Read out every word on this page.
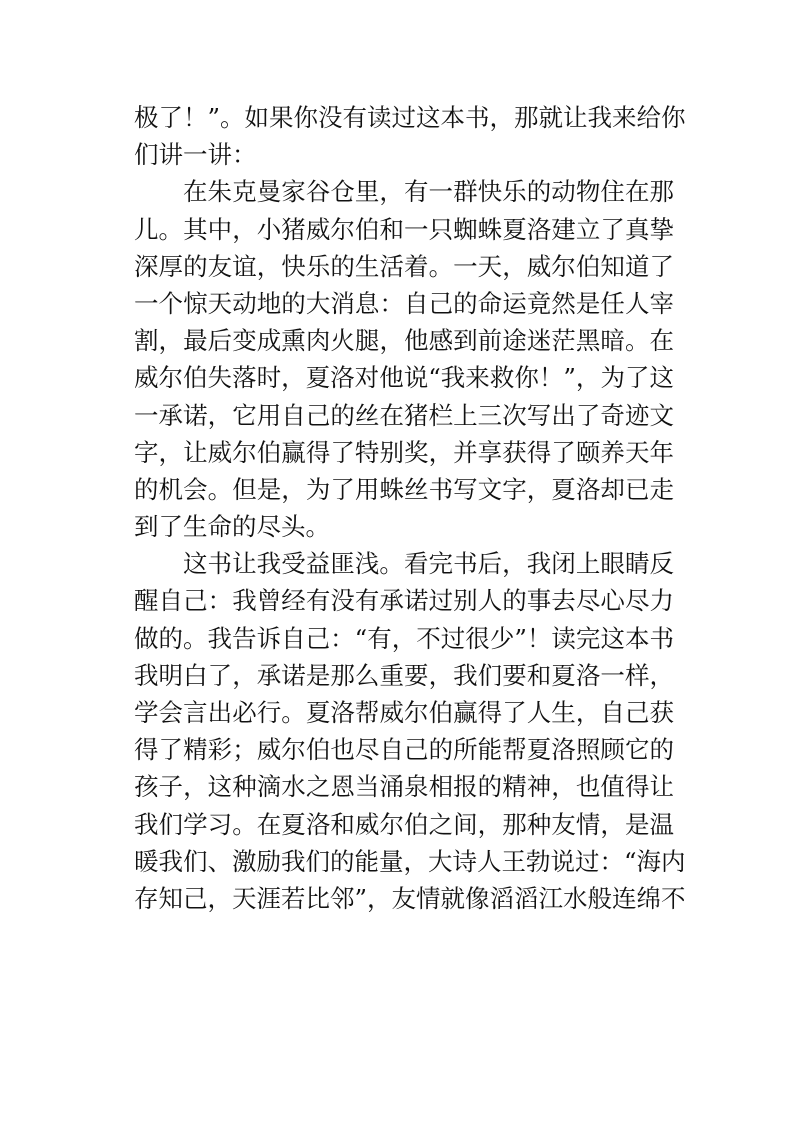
极了！”。如果你没有读过这本书，那就让我来给你
们讲一讲：
在朱克曼家谷仓里，有一群快乐的动物住在那
儿。其中，小猪威尔伯和一只蜘蛛夏洛建立了真挚
深厚的友谊，快乐的生活着。一天，威尔伯知道了
一个惊天动地的大消息：自己的命运竟然是任人宰
割，最后变成熏肉火腿，他感到前途迷茫黑暗。在
威尔伯失落时，夏洛对他说“我来救你！”，为了这
一承诺，它用自己的丝在猪栏上三次写出了奇迹文
字，让威尔伯赢得了特别奖，并享获得了颐养天年
的机会。但是，为了用蛛丝书写文字，夏洛却已走
到了生命的尽头。
这书让我受益匪浅。看完书后，我闭上眼睛反
醒自己：我曾经有没有承诺过别人的事去尽心尽力
做的。我告诉自己：“有，不过很少”！读完这本书
我明白了，承诺是那么重要，我们要和夏洛一样，
学会言出必行。夏洛帮威尔伯赢得了人生，自己获
得了精彩；威尔伯也尽自己的所能帮夏洛照顾它的
孩子，这种滴水之恩当涌泉相报的精神，也值得让
我们学习。在夏洛和威尔伯之间，那种友情，是温
暖我们、激励我们的能量，大诗人王勃说过：“海内
存知己，天涯若比邻”，友情就像滔滔江水般连绵不
